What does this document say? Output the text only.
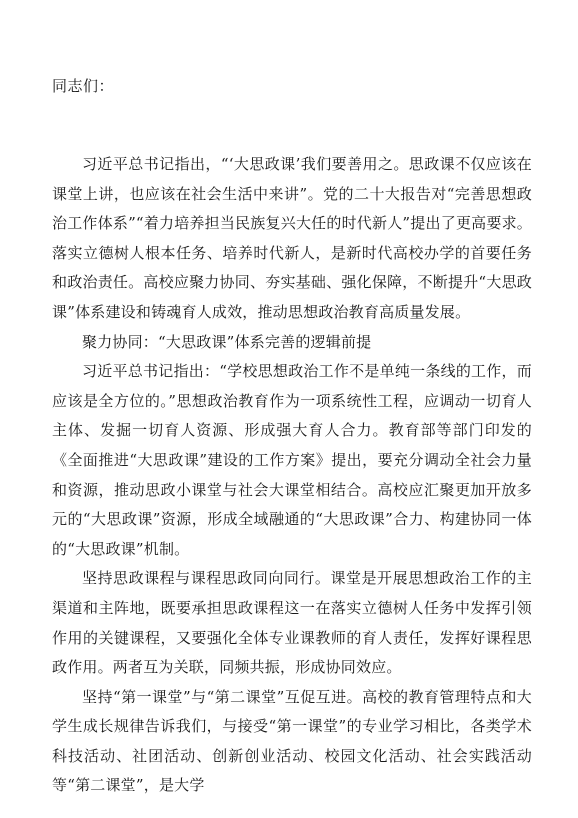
同志们：

习近平总书记指出，“‘大思政课’我们要善用之。思政课不仅应该在课堂上讲，也应该在社会生活中来讲”。党的二十大报告对“完善思想政治工作体系”“着力培养担当民族复兴大任的时代新人”提出了更高要求。落实立德树人根本任务、培养时代新人，是新时代高校办学的首要任务和政治责任。高校应聚力协同、夯实基础、强化保障，不断提升“大思政课”体系建设和铸魂育人成效，推动思想政治教育高质量发展。

聚力协同：“大思政课”体系完善的逻辑前提

习近平总书记指出：“学校思想政治工作不是单纯一条线的工作，而应该是全方位的。”思想政治教育作为一项系统性工程，应调动一切育人主体、发掘一切育人资源、形成强大育人合力。教育部等部门印发的《全面推进“大思政课”建设的工作方案》提出，要充分调动全社会力量和资源，推动思政小课堂与社会大课堂相结合。高校应汇聚更加开放多元的“大思政课”资源，形成全域融通的“大思政课”合力、构建协同一体的“大思政课”机制。

坚持思政课程与课程思政同向同行。课堂是开展思想政治工作的主渠道和主阵地，既要承担思政课程这一在落实立德树人任务中发挥引领作用的关键课程，又要强化全体专业课教师的育人责任，发挥好课程思政作用。两者互为关联，同频共振，形成协同效应。

坚持“第一课堂”与“第二课堂”互促互进。高校的教育管理特点和大学生成长规律告诉我们，与接受“第一课堂”的专业学习相比，各类学术科技活动、社团活动、创新创业活动、校园文化活动、社会实践活动等“第二课堂”，是大学
